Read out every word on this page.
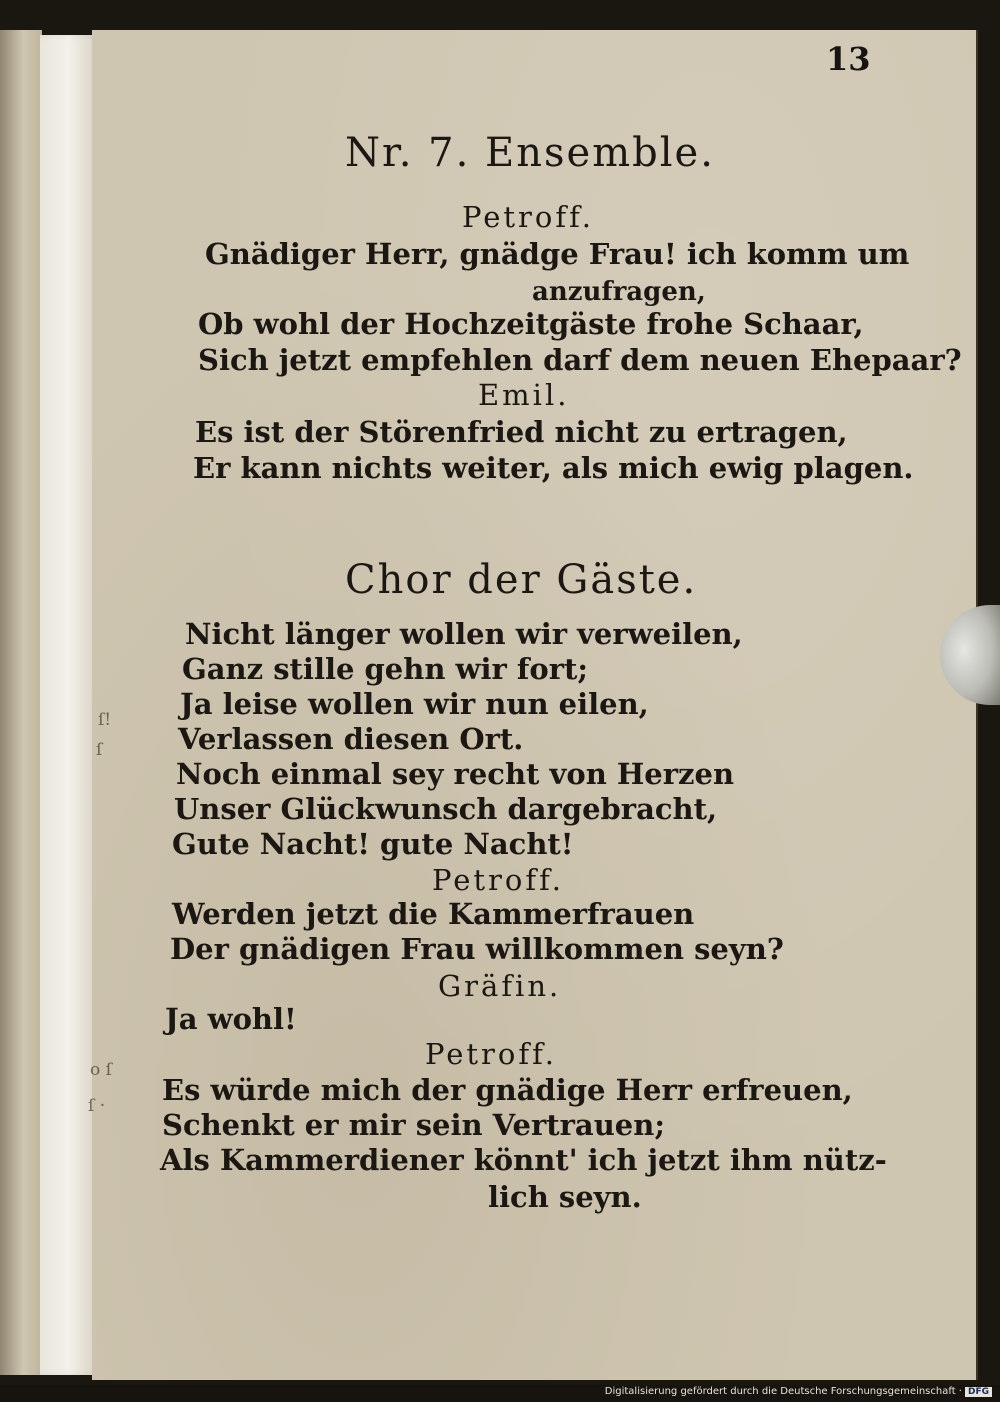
ſ!
ſ
o ſ
ſ ·
13
Nr. 7. Ensemble.
Petroff.
Gnädiger Herr, gnädge Frau! ich komm um
anzufragen,
Ob wohl der Hochzeitgäste frohe Schaar,
Sich jetzt empfehlen darf dem neuen Ehepaar?
Emil.
Es ist der Störenfried nicht zu ertragen,
Er kann nichts weiter, als mich ewig plagen.
Chor der Gäste.
Nicht länger wollen wir verweilen,
Ganz stille gehn wir fort;
Ja leise wollen wir nun eilen,
Verlassen diesen Ort.
Noch einmal sey recht von Herzen
Unser Glückwunsch dargebracht,
Gute Nacht! gute Nacht!
Petroff.
Werden jetzt die Kammerfrauen
Der gnädigen Frau willkommen seyn?
Gräfin.
Ja wohl!
Petroff.
Es würde mich der gnädige Herr erfreuen,
Schenkt er mir sein Vertrauen;
Als Kammerdiener könnt' ich jetzt ihm nütz-
lich seyn.
Digitalisierung gefördert durch die Deutsche Forschungsgemeinschaft · DFG
